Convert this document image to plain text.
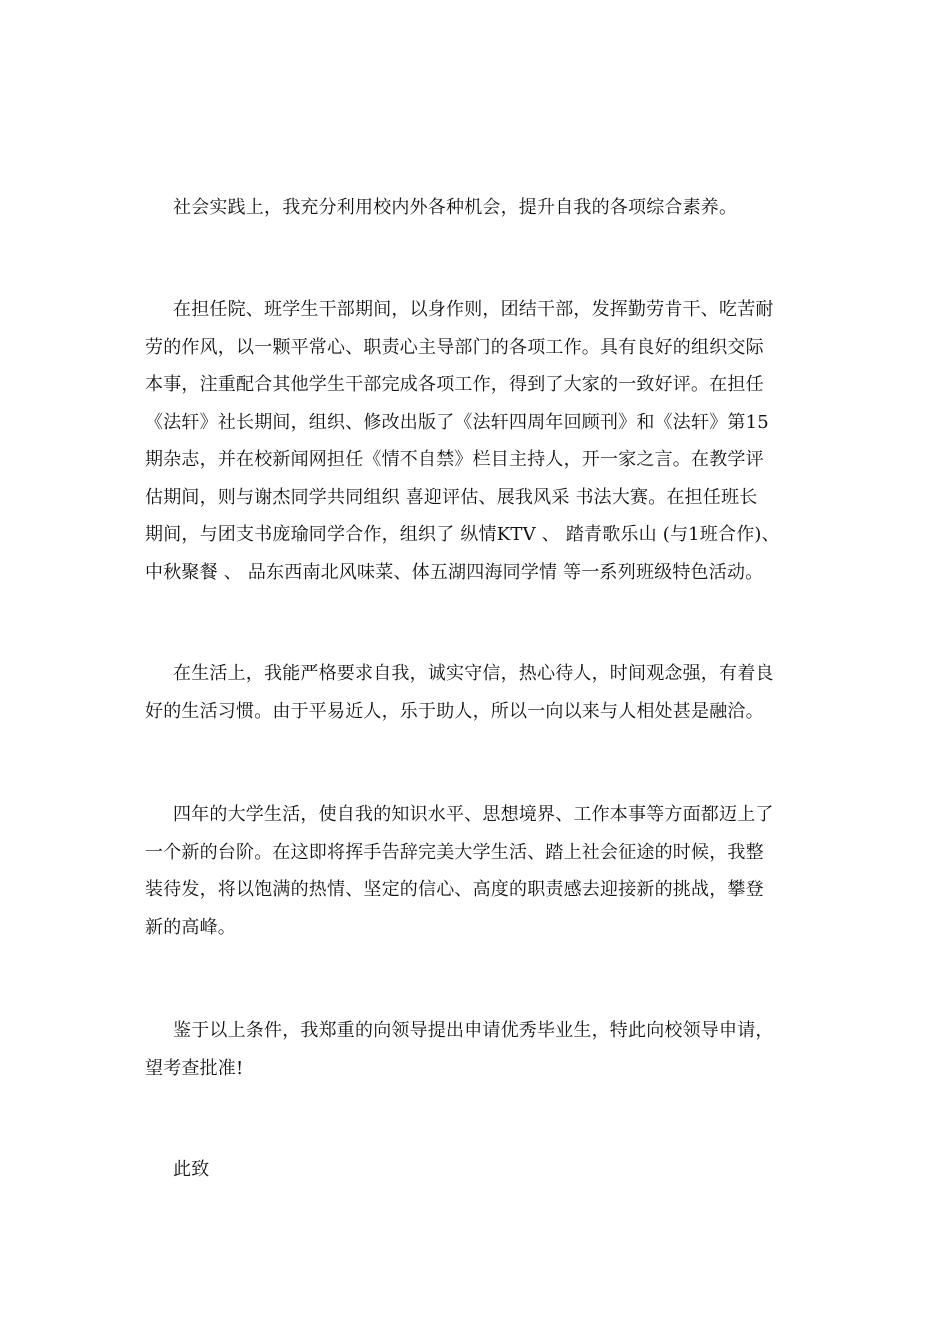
社会实践上，我充分利用校内外各种机会，提升自我的各项综合素养。

在担任院、班学生干部期间，以身作则，团结干部，发挥勤劳肯干、吃苦耐
劳的作风，以一颗平常心、职责心主导部门的各项工作。具有良好的组织交际
本事，注重配合其他学生干部完成各项工作，得到了大家的一致好评。在担任
《法轩》社长期间，组织、修改出版了《法轩四周年回顾刊》和《法轩》第15
期杂志，并在校新闻网担任《情不自禁》栏目主持人，开一家之言。在教学评
估期间，则与谢杰同学共同组织 喜迎评估、展我风采 书法大赛。在担任班长
期间，与团支书庞瑜同学合作，组织了 纵情KTV 、 踏青歌乐山 (与1班合作)、
中秋聚餐 、 品东西南北风味菜、体五湖四海同学情 等一系列班级特色活动。

在生活上，我能严格要求自我，诚实守信，热心待人，时间观念强，有着良
好的生活习惯。由于平易近人，乐于助人，所以一向以来与人相处甚是融洽。

四年的大学生活，使自我的知识水平、思想境界、工作本事等方面都迈上了
一个新的台阶。在这即将挥手告辞完美大学生活、踏上社会征途的时候，我整
装待发，将以饱满的热情、坚定的信心、高度的职责感去迎接新的挑战，攀登
新的高峰。

鉴于以上条件，我郑重的向领导提出申请优秀毕业生，特此向校领导申请，
望考查批准!

此致
